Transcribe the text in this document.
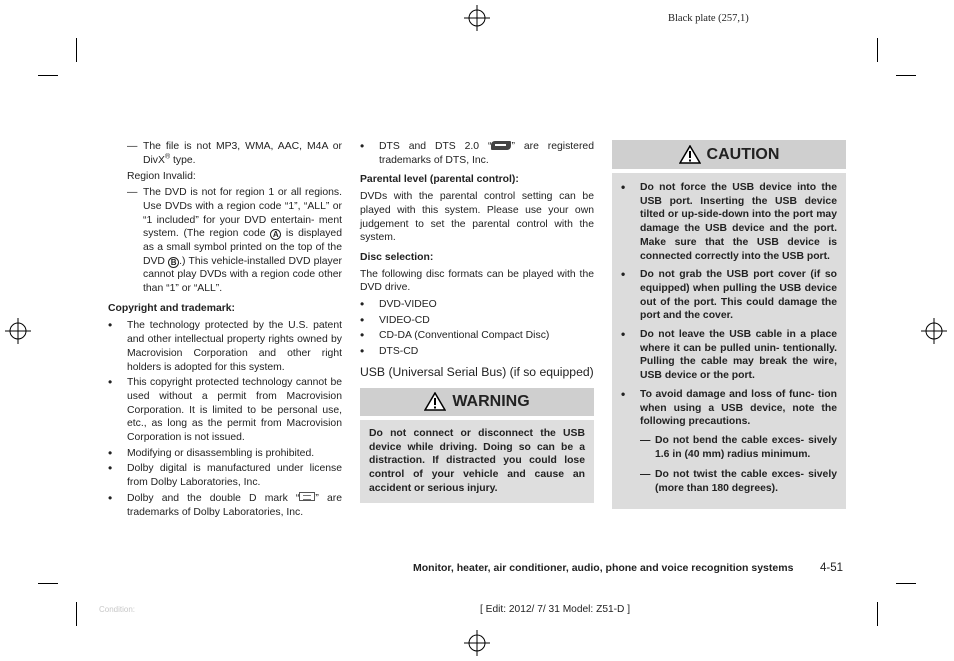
Black plate (257,1)
— The file is not MP3, WMA, AAC, M4A or DivX® type.
Region Invalid:
— The DVD is not for region 1 or all regions. Use DVDs with a region code “1”, “ALL” or “1 included” for your DVD entertain- ment system. (The region code A is displayed as a small symbol printed on the top of the DVD B .) This vehicle-installed DVD player cannot play DVDs with a region code other than “1” or “ALL”.
Copyright and trademark:
• The technology protected by the U.S. patent and other intellectual property rights owned by Macrovision Corporation and other right holders is adopted for this system.
• This copyright protected technology cannot be used without a permit from Macrovision Corporation. It is limited to be personal use, etc., as long as the permit from Macrovision Corporation is not issued.
• Modifying or disassembling is prohibited.
• Dolby digital is manufactured under license from Dolby Laboratories, Inc.
• Dolby and the double D mark “ ” are trademarks of Dolby Laboratories, Inc.
• DTS and DTS 2.0 “ ” are registered trademarks of DTS, Inc.
Parental level (parental control):
DVDs with the parental control setting can be played with this system. Please use your own judgement to set the parental control with the system.
Disc selection:
The following disc formats can be played with the DVD drive.
• DVD-VIDEO
• VIDEO-CD
• CD-DA (Conventional Compact Disc)
• DTS-CD
USB (Universal Serial Bus) (if so equipped)
WARNING
Do not connect or disconnect the USB device while driving. Doing so can be a distraction. If distracted you could lose control of your vehicle and cause an accident or serious injury.
CAUTION
• Do not force the USB device into the USB port. Inserting the USB device tilted or up-side-down into the port may damage the USB device and the port. Make sure that the USB device is connected correctly into the USB port.
• Do not grab the USB port cover (if so equipped) when pulling the USB device out of the port. This could damage the port and the cover.
• Do not leave the USB cable in a place where it can be pulled unin- tentionally. Pulling the cable may break the wire, USB device or the port.
• To avoid damage and loss of func- tion when using a USB device, note the following precautions.
— Do not bend the cable exces- sively 1.6 in (40 mm) radius minimum.
— Do not twist the cable exces- sively (more than 180 degrees).
Monitor, heater, air conditioner, audio, phone and voice recognition systems 4-51
Condition:	[ Edit: 2012/ 7/ 31 Model: Z51-D ]
